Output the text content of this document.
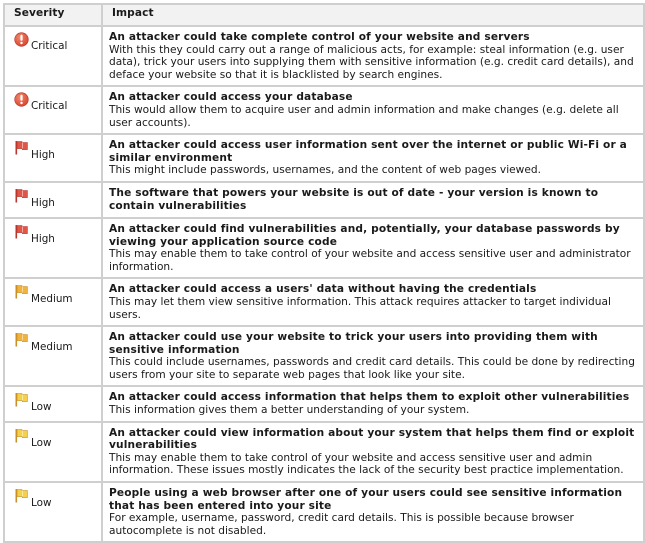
Severity	Impact

Critical	An attacker could take complete control of your website and servers
With this they could carry out a range of malicious acts, for example: steal information (e.g. user data), trick your users into supplying them with sensitive information (e.g. credit card details), and deface your website so that it is blacklisted by search engines.

Critical	An attacker could access your database
This would allow them to acquire user and admin information and make changes (e.g. delete all user accounts).

High	An attacker could access user information sent over the internet or public Wi-Fi or a similar environment
This might include passwords, usernames, and the content of web pages viewed.

High	The software that powers your website is out of date - your version is known to contain vulnerabilities

High	An attacker could find vulnerabilities and, potentially, your database passwords by viewing your application source code
This may enable them to take control of your website and access sensitive user and administrator information.

Medium	An attacker could access a users' data without having the credentials
This may let them view sensitive information. This attack requires attacker to target individual users.

Medium	An attacker could use your website to trick your users into providing them with sensitive information
This could include usernames, passwords and credit card details. This could be done by redirecting users from your site to separate web pages that look like your site.

Low	An attacker could access information that helps them to exploit other vulnerabilities
This information gives them a better understanding of your system.

Low	An attacker could view information about your system that helps them find or exploit vulnerabilities
This may enable them to take control of your website and access sensitive user and admin information. These issues mostly indicates the lack of the security best practice implementation.

Low	People using a web browser after one of your users could see sensitive information that has been entered into your site
For example, username, password, credit card details. This is possible because browser autocomplete is not disabled.
